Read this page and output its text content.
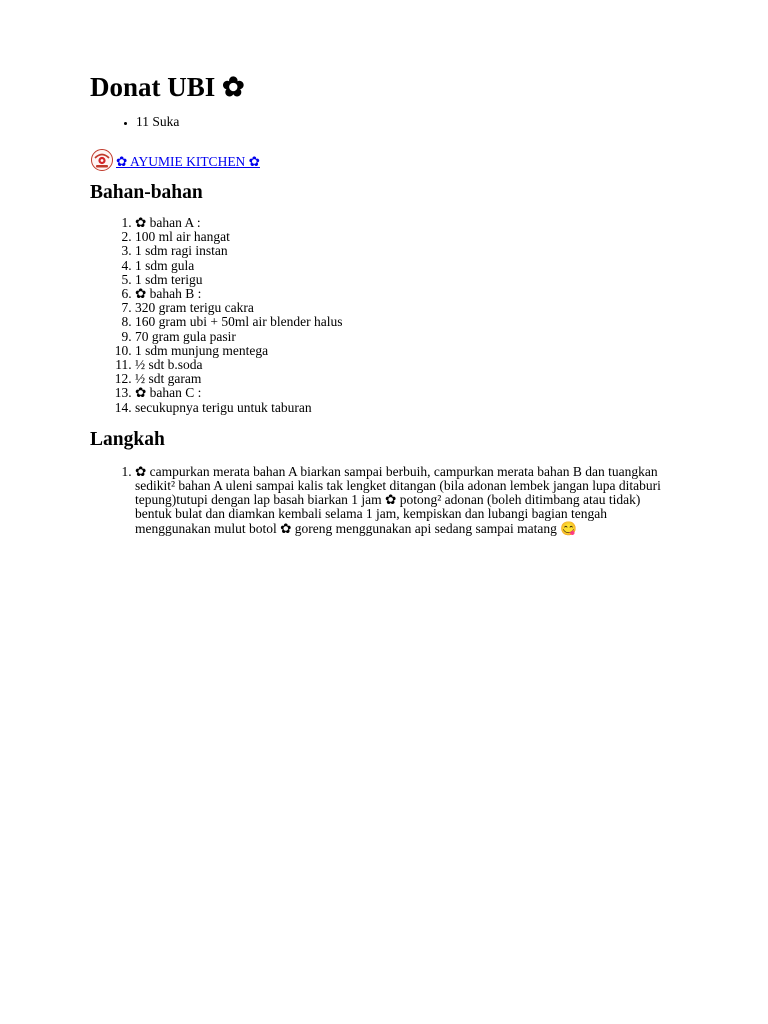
Donat UBI ✿
• 11 Suka
✿ AYUMIE KITCHEN ✿
Bahan-bahan
1. ✿ bahan A :
2. 100 ml air hangat
3. 1 sdm ragi instan
4. 1 sdm gula
5. 1 sdm terigu
6. ✿ bahah B :
7. 320 gram terigu cakra
8. 160 gram ubi + 50ml air blender halus
9. 70 gram gula pasir
10. 1 sdm munjung mentega
11. ½ sdt b.soda
12. ½ sdt garam
13. ✿ bahan C :
14. secukupnya terigu untuk taburan
Langkah
1. ✿ campurkan merata bahan A biarkan sampai berbuih, campurkan merata bahan B dan tuangkan sedikit² bahan A uleni sampai kalis tak lengket ditangan (bila adonan lembek jangan lupa ditaburi tepung)tutupi dengan lap basah biarkan 1 jam ✿ potong² adonan (boleh ditimbang atau tidak) bentuk bulat dan diamkan kembali selama 1 jam, kempiskan dan lubangi bagian tengah menggunakan mulut botol ✿ goreng menggunakan api sedang sampai matang 😋
